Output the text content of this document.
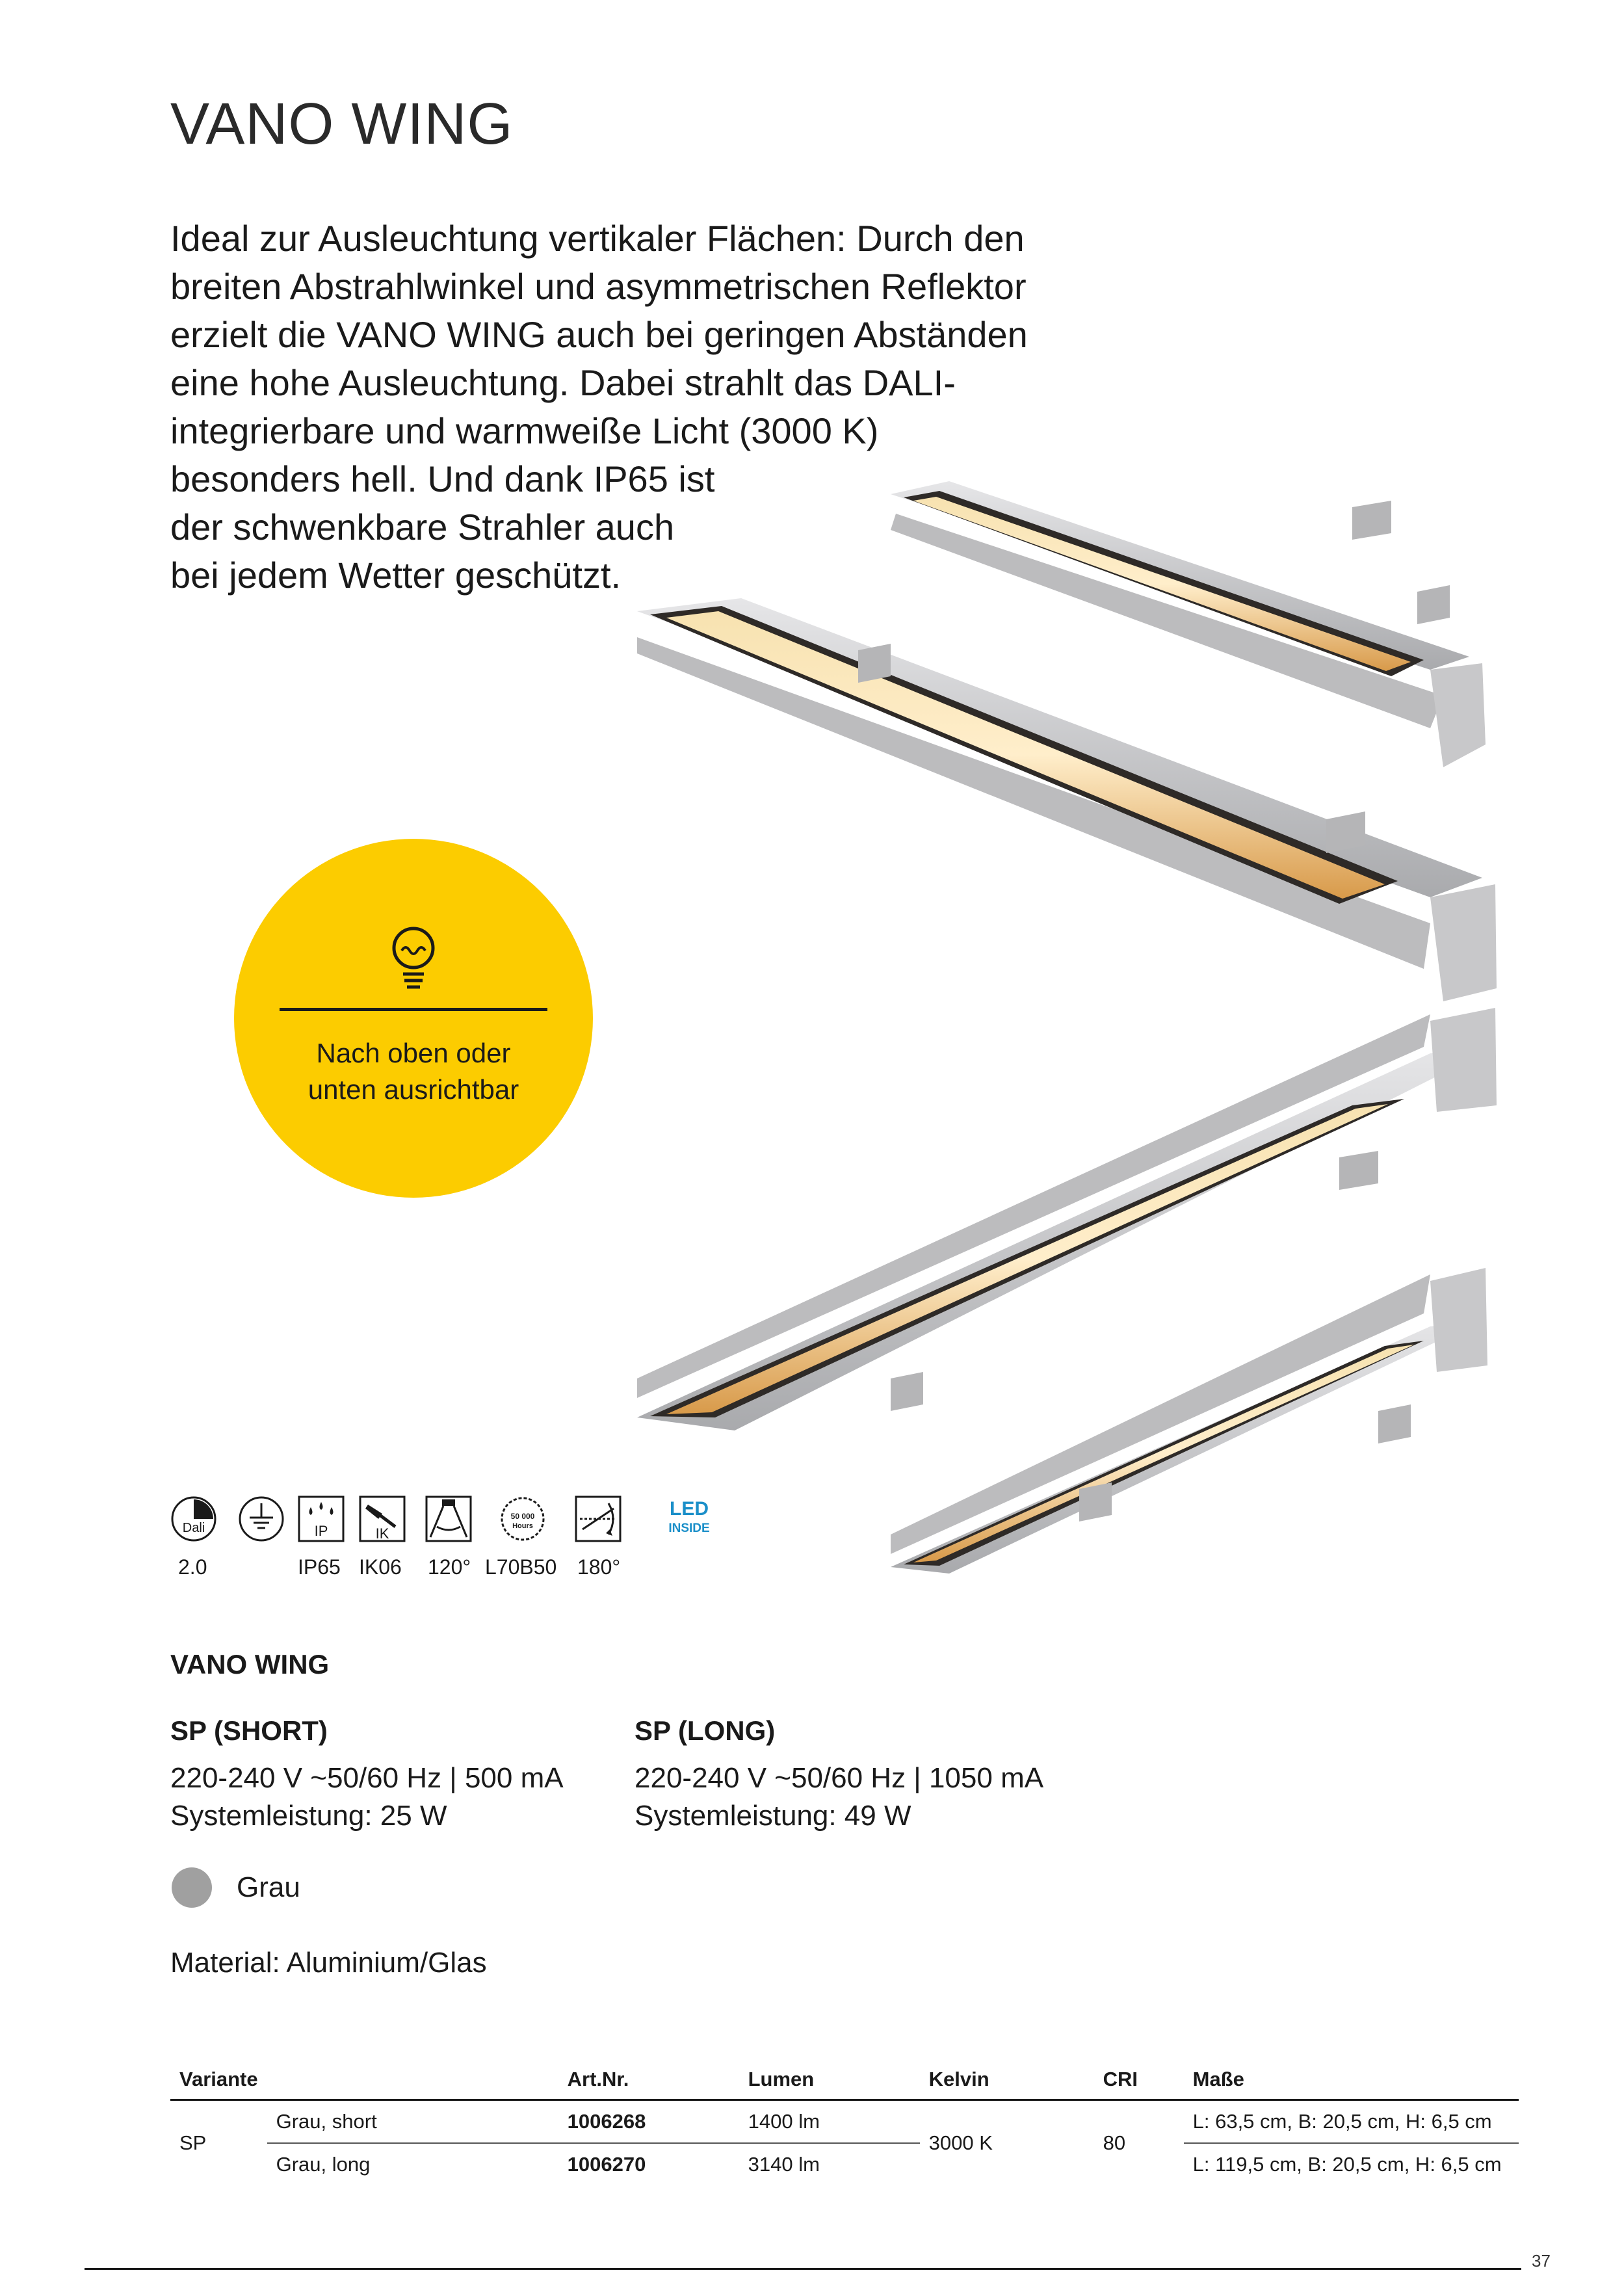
VANO WING
Ideal zur Ausleuchtung vertikaler Flächen: Durch den
breiten Abstrahlwinkel und asymmetrischen Reflektor
erzielt die VANO WING auch bei geringen Abständen
eine hohe Ausleuchtung. Dabei strahlt das DALI-
integrierbare und warmweiße Licht (3000 K)
besonders hell. Und dank IP65 ist
der schwenkbare Strahler auch
bei jedem Wetter geschützt.
Nach oben oder
unten ausrichtbar
Dali
2.0
IP
IP65
IK
IK06 120°
50 000
Hours
L70B50 180°
LED
INSIDE
VANO WING
SP (SHORT)
220-240 V ~50/60 Hz | 500 mA
Systemleistung: 25 W
SP (LONG)
220-240 V ~50/60 Hz | 1050 mA
Systemleistung: 49 W
Grau
Material: Aluminium/Glas
Variante		Art.Nr.	Lumen	Kelvin	CRI	Maße
SP	Grau, short	1006268	1400 lm	3000 K	80	L: 63,5 cm, B: 20,5 cm, H: 6,5 cm
	Grau, long	1006270	3140 lm			L: 119,5 cm, B: 20,5 cm, H: 6,5 cm
37
